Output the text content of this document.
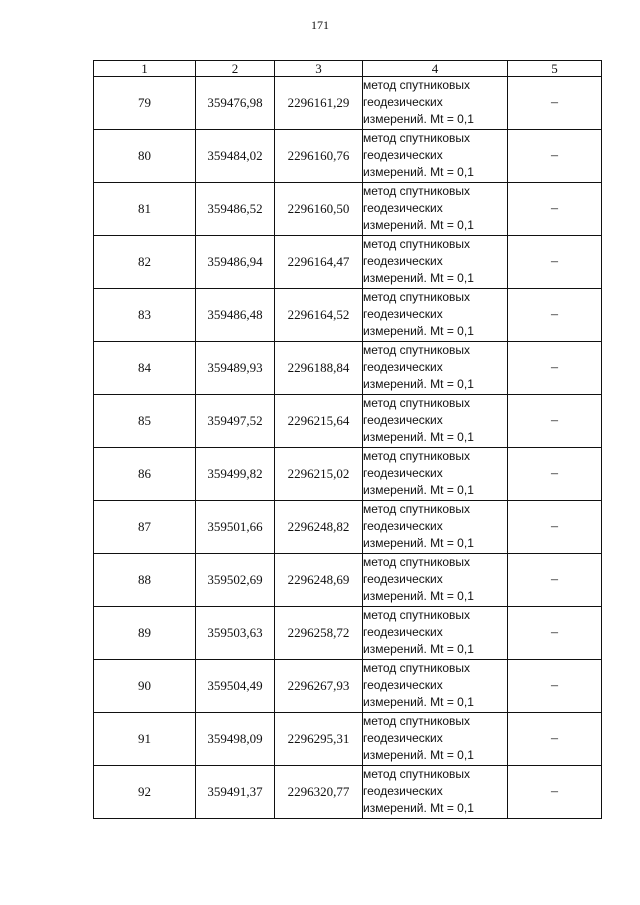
171
1	2	3	4	5
79	359476,98	2296161,29	метод спутниковых
геодезических
измерений. Mt = 0,1	–
80	359484,02	2296160,76	метод спутниковых
геодезических
измерений. Mt = 0,1	–
81	359486,52	2296160,50	метод спутниковых
геодезических
измерений. Mt = 0,1	–
82	359486,94	2296164,47	метод спутниковых
геодезических
измерений. Mt = 0,1	–
83	359486,48	2296164,52	метод спутниковых
геодезических
измерений. Mt = 0,1	–
84	359489,93	2296188,84	метод спутниковых
геодезических
измерений. Mt = 0,1	–
85	359497,52	2296215,64	метод спутниковых
геодезических
измерений. Mt = 0,1	–
86	359499,82	2296215,02	метод спутниковых
геодезических
измерений. Mt = 0,1	–
87	359501,66	2296248,82	метод спутниковых
геодезических
измерений. Mt = 0,1	–
88	359502,69	2296248,69	метод спутниковых
геодезических
измерений. Mt = 0,1	–
89	359503,63	2296258,72	метод спутниковых
геодезических
измерений. Mt = 0,1	–
90	359504,49	2296267,93	метод спутниковых
геодезических
измерений. Mt = 0,1	–
91	359498,09	2296295,31	метод спутниковых
геодезических
измерений. Mt = 0,1	–
92	359491,37	2296320,77	метод спутниковых
геодезических
измерений. Mt = 0,1	–
